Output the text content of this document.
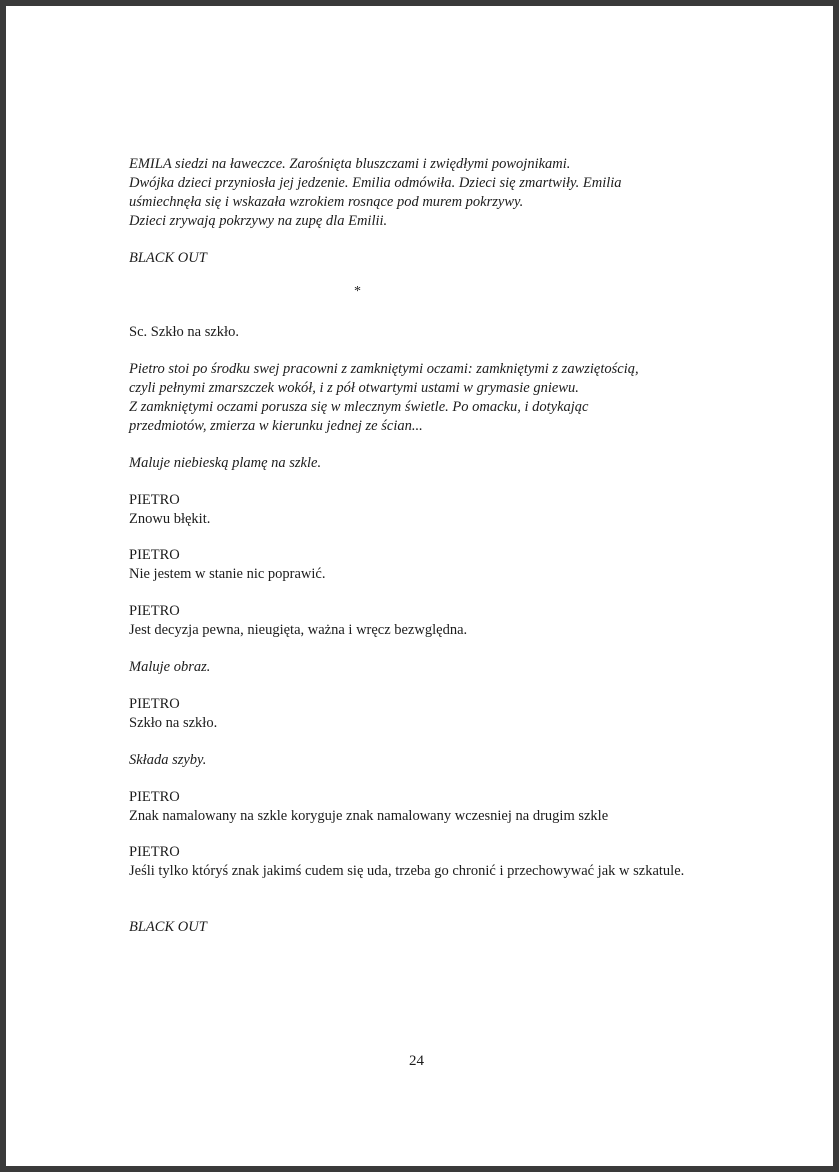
EMILA siedzi na ławeczce. Zarośnięta bluszczami i zwiędłymi powojnikami.

Dwójka dzieci przyniosła jej jedzenie. Emilia odmówiła. Dzieci się zmartwiły. Emilia

uśmiechnęła się i wskazała wzrokiem rosnące pod murem pokrzywy.

Dzieci zrywają pokrzywy na zupę dla Emilii.

BLACK OUT

*

Sc. Szkło na szkło.

Pietro stoi po środku swej pracowni z zamkniętymi oczami: zamkniętymi z zawziętością,

czyli pełnymi zmarszczek wokół, i z pół otwartymi ustami w grymasie gniewu.

Z zamkniętymi oczami porusza się w mlecznym świetle. Po omacku, i dotykając

przedmiotów, zmierza w kierunku jednej ze ścian...

Maluje niebieską plamę na szkle.

PIETRO

Znowu błękit.

PIETRO

Nie jestem w stanie nic poprawić.

PIETRO

Jest decyzja pewna, nieugięta, ważna i wręcz bezwględna.

Maluje obraz.

PIETRO

Szkło na szkło.

Składa szyby.

PIETRO

Znak namalowany na szkle koryguje znak namalowany wczesniej na drugim szkle

PIETRO

Jeśli tylko któryś znak jakimś cudem się uda, trzeba go chronić i przechowywać jak w szkatule.

BLACK OUT

24
